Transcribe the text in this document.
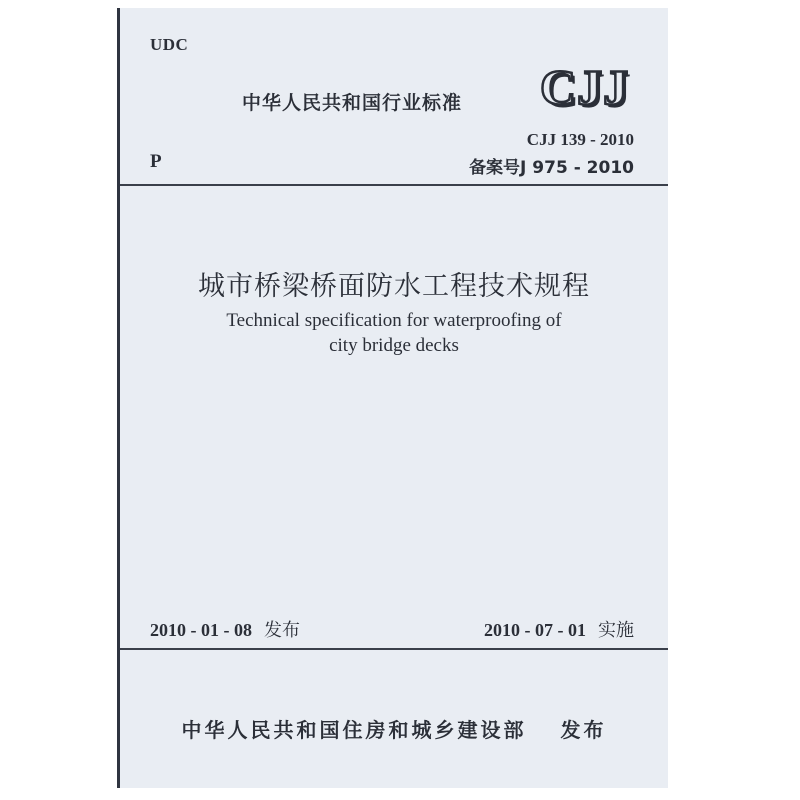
UDC
中华人民共和国行业标准 CJJ
CJJ 139 - 2010
P	备案号J 975 - 2010
城市桥梁桥面防水工程技术规程
Technical specification for waterproofing of
city bridge decks
2010 - 01 - 08 发布	2010 - 07 - 01 实施
中华人民共和国住房和城乡建设部 发布
